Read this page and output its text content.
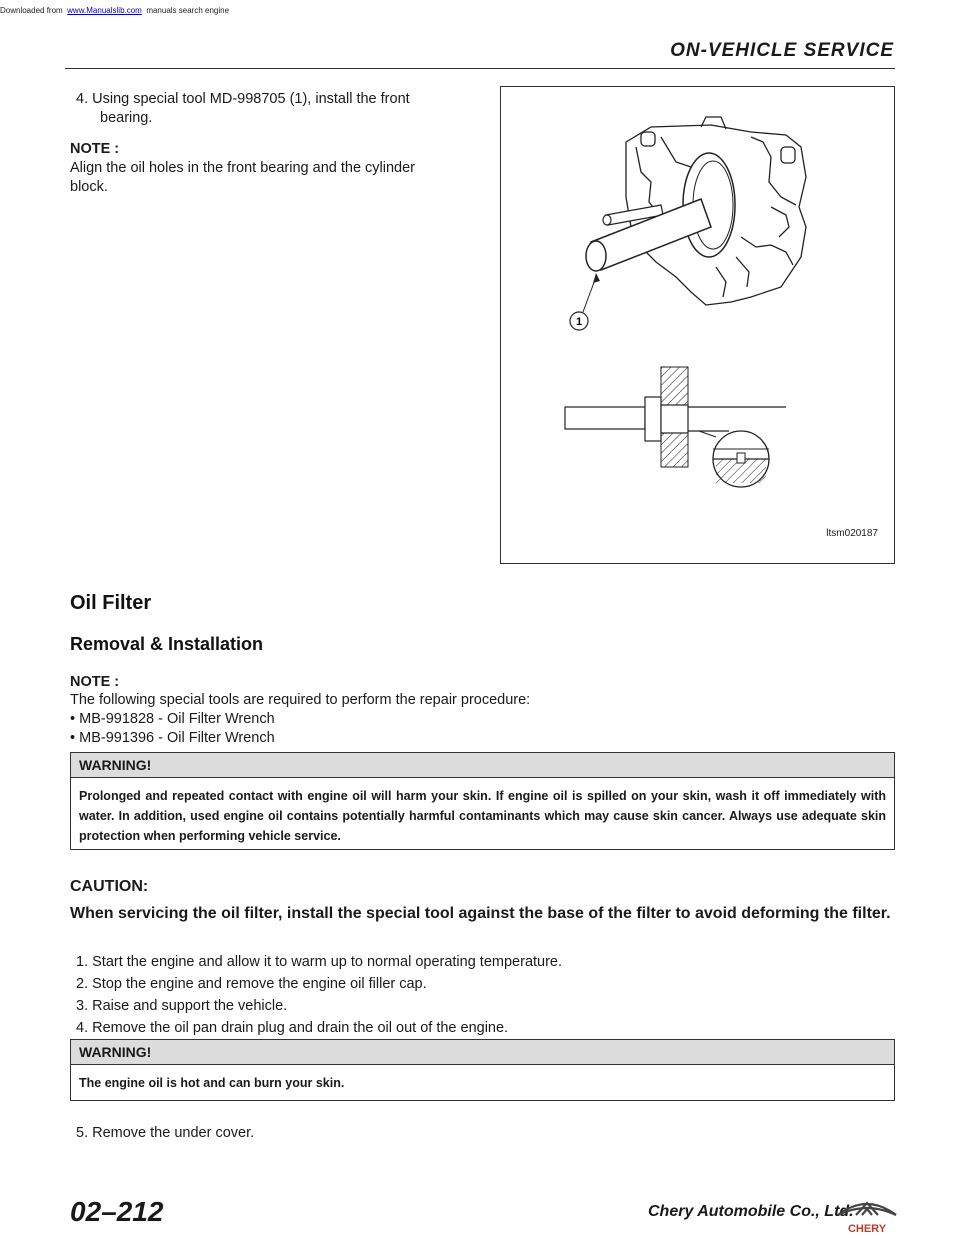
Downloaded from www.Manualslib.com manuals search engine
ON-VEHICLE SERVICE
4. Using special tool MD-998705 (1), install the front
bearing.
NOTE :
Align the oil holes in the front bearing and the cylinder
block.
1
ltsm020187
Oil Filter
Removal & Installation
NOTE :
The following special tools are required to perform the repair procedure:
• MB-991828 - Oil Filter Wrench
• MB-991396 - Oil Filter Wrench
WARNING!
Prolonged and repeated contact with engine oil will harm your skin. If engine oil is spilled on your skin, wash it off immediately with water. In addition, used engine oil contains potentially harmful contaminants which may cause skin cancer. Always use adequate skin protection when performing vehicle service.
CAUTION:
When servicing the oil filter, install the special tool against the base of the filter to avoid deforming the filter.
1. Start the engine and allow it to warm up to normal operating temperature.
2. Stop the engine and remove the engine oil filler cap.
3. Raise and support the vehicle.
4. Remove the oil pan drain plug and drain the oil out of the engine.
WARNING!
The engine oil is hot and can burn your skin.
5. Remove the under cover.
02–212	Chery Automobile Co., Ltd.
CHERY
